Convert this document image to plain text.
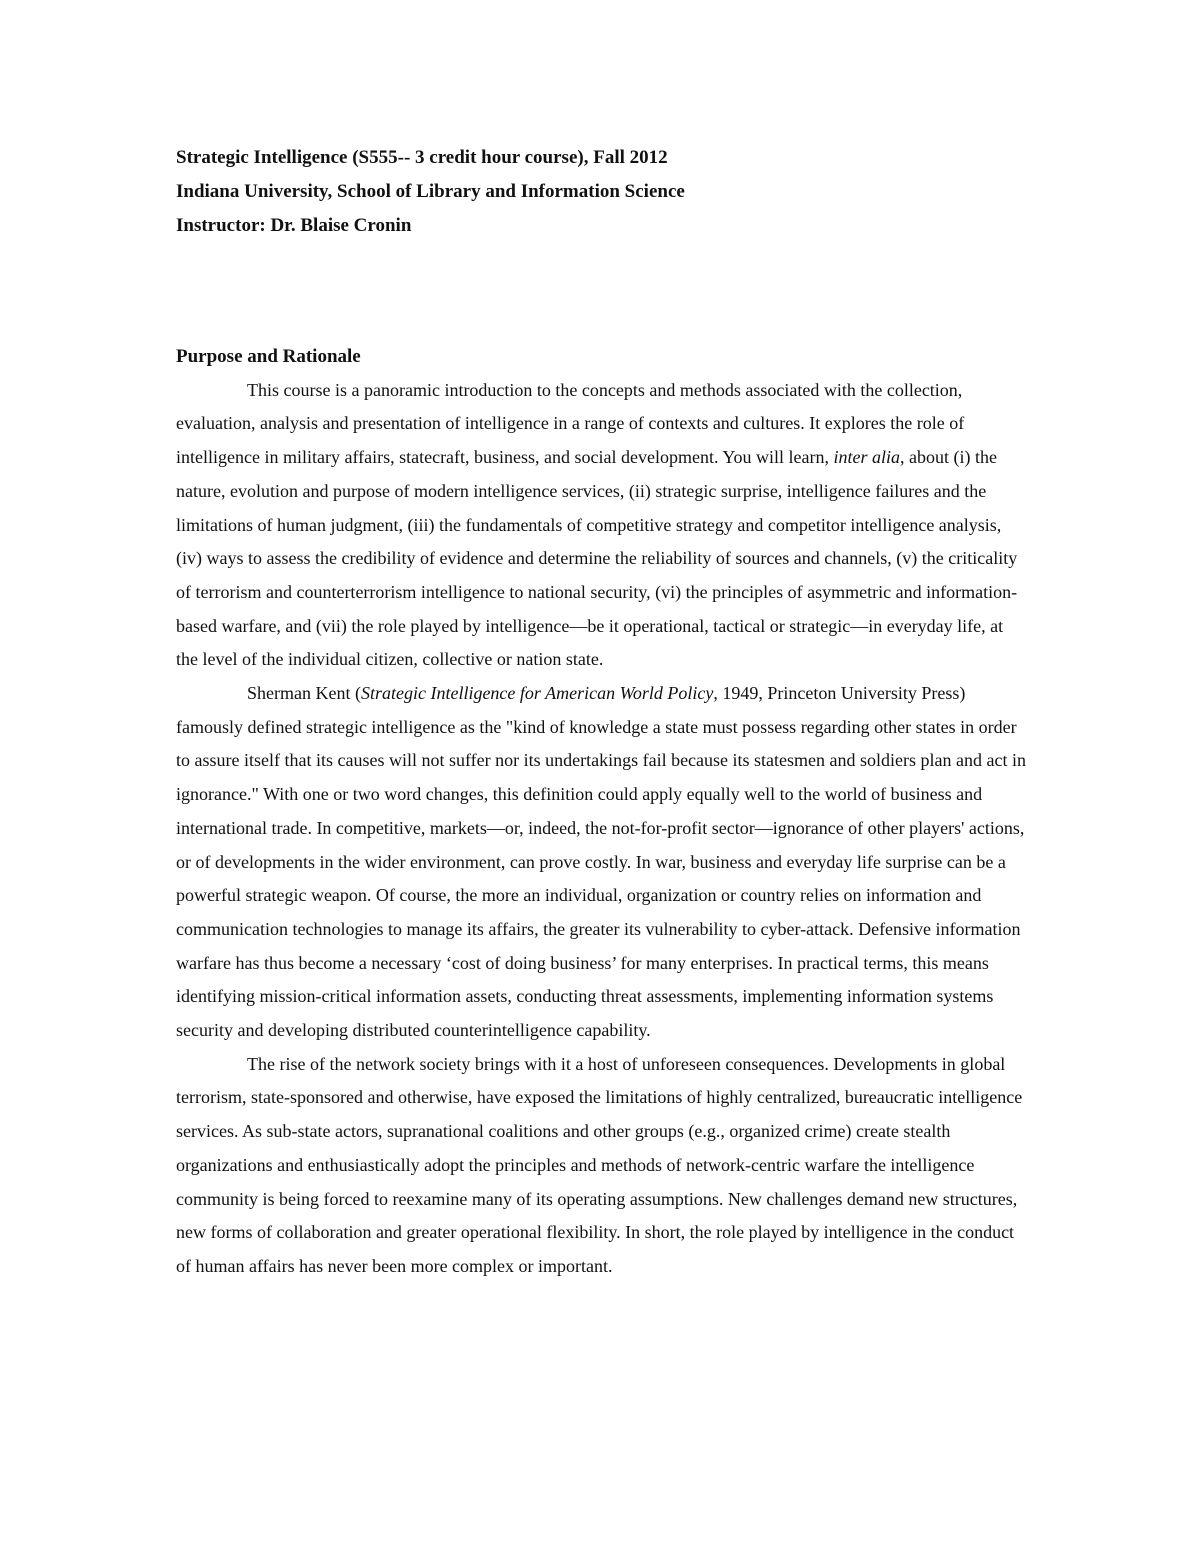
Strategic Intelligence (S555-- 3 credit hour course), Fall 2012
Indiana University, School of Library and Information Science
Instructor: Dr. Blaise Cronin
Purpose and Rationale

This course is a panoramic introduction to the concepts and methods associated with the collection, evaluation, analysis and presentation of intelligence in a range of contexts and cultures. It explores the role of intelligence in military affairs, statecraft, business, and social development. You will learn, inter alia, about (i) the nature, evolution and purpose of modern intelligence services, (ii) strategic surprise, intelligence failures and the limitations of human judgment, (iii) the fundamentals of competitive strategy and competitor intelligence analysis, (iv) ways to assess the credibility of evidence and determine the reliability of sources and channels, (v) the criticality of terrorism and counterterrorism intelligence to national security, (vi) the principles of asymmetric and information-based warfare, and (vii) the role played by intelligence—be it operational, tactical or strategic—in everyday life, at the level of the individual citizen, collective or nation state.

Sherman Kent (Strategic Intelligence for American World Policy, 1949, Princeton University Press) famously defined strategic intelligence as the "kind of knowledge a state must possess regarding other states in order to assure itself that its causes will not suffer nor its undertakings fail because its statesmen and soldiers plan and act in ignorance." With one or two word changes, this definition could apply equally well to the world of business and international trade. In competitive, markets—or, indeed, the not-for-profit sector—ignorance of other players' actions, or of developments in the wider environment, can prove costly. In war, business and everyday life surprise can be a powerful strategic weapon. Of course, the more an individual, organization or country relies on information and communication technologies to manage its affairs, the greater its vulnerability to cyber-attack. Defensive information warfare has thus become a necessary ‘cost of doing business’ for many enterprises. In practical terms, this means identifying mission-critical information assets, conducting threat assessments, implementing information systems security and developing distributed counterintelligence capability.

The rise of the network society brings with it a host of unforeseen consequences. Developments in global terrorism, state-sponsored and otherwise, have exposed the limitations of highly centralized, bureaucratic intelligence services. As sub-state actors, supranational coalitions and other groups (e.g., organized crime) create stealth organizations and enthusiastically adopt the principles and methods of network-centric warfare the intelligence community is being forced to reexamine many of its operating assumptions. New challenges demand new structures, new forms of collaboration and greater operational flexibility. In short, the role played by intelligence in the conduct of human affairs has never been more complex or important.
